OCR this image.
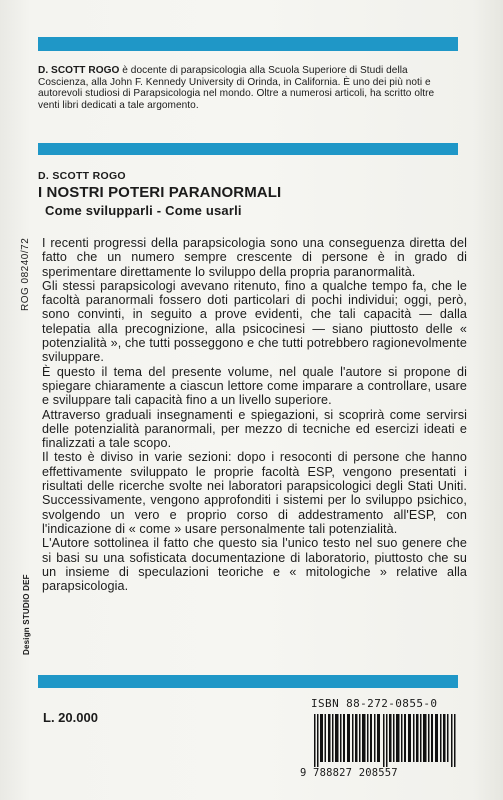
D. SCOTT ROGO è docente di parapsicologia alla Scuola Superiore di Studi della Coscienza, alla John F. Kennedy University di Orinda, in California. È uno dei più noti e autorevoli studiosi di Parapsicologia nel mondo. Oltre a numerosi articoli, ha scritto oltre venti libri dedicati a tale argomento.
D. SCOTT ROGO
I NOSTRI POTERI PARANORMALI
Come svilupparli - Come usarli
ROG 08240/72
Design STUDIO DEF

I recenti progressi della parapsicologia sono una conseguenza diretta del fatto che un numero sempre crescente di persone è in grado di sperimentare direttamente lo sviluppo della propria paranormalità.

Gli stessi parapsicologi avevano ritenuto, fino a qualche tempo fa, che le facoltà paranormali fossero doti particolari di pochi individui; oggi, però, sono convinti, in seguito a prove evidenti, che tali capacità — dalla telepatia alla precognizione, alla psicocinesi — siano piuttosto delle « potenzialità », che tutti posseggono e che tutti potrebbero ragionevolmente sviluppare.

È questo il tema del presente volume, nel quale l'autore si propone di spiegare chiaramente a ciascun lettore come imparare a controllare, usare e sviluppare tali capacità fino a un livello superiore.

Attraverso graduali insegnamenti e spiegazioni, si scoprirà come servirsi delle potenzialità paranormali, per mezzo di tecniche ed esercizi ideati e finalizzati a tale scopo.

Il testo è diviso in varie sezioni: dopo i resoconti di persone che hanno effettivamente sviluppato le proprie facoltà ESP, vengono presentati i risultati delle ricerche svolte nei laboratori parapsicologici degli Stati Uniti. Successivamente, vengono approfonditi i sistemi per lo sviluppo psichico, svolgendo un vero e proprio corso di addestramento all'ESP, con l'indicazione di « come » usare personalmente tali potenzialità.

L'Autore sottolinea il fatto che questo sia l'unico testo nel suo genere che si basi su una sofisticata documentazione di laboratorio, piuttosto che su un insieme di speculazioni teoriche e « mitologiche » relative alla parapsicologia.

L. 20.000
ISBN 88-272-0855-0
9 788827 208557
